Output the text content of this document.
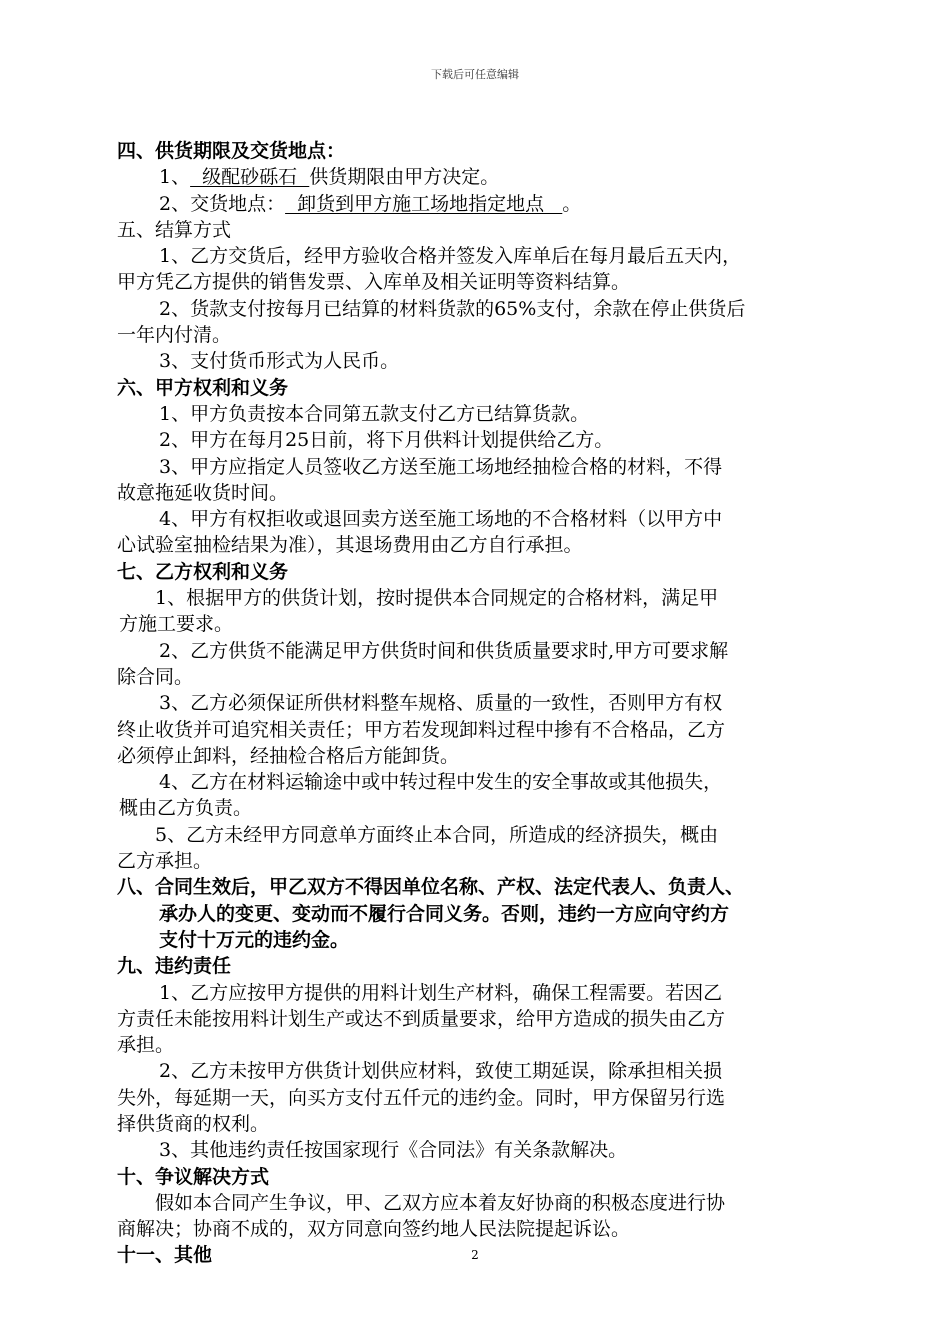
下载后可任意编辑
四、供货期限及交货地点：
1、  级配砂砾石  供货期限由甲方决定。
2、交货地点：  卸货到甲方施工场地指定地点   。
五、结算方式
1、乙方交货后，经甲方验收合格并签发入库单后在每月最后五天内，
甲方凭乙方提供的销售发票、入库单及相关证明等资料结算。
2、货款支付按每月已结算的材料货款的65%支付，余款在停止供货后
一年内付清。
3、支付货币形式为人民币。
六、甲方权利和义务
1、甲方负责按本合同第五款支付乙方已结算货款。
2、甲方在每月25日前，将下月供料计划提供给乙方。
3、甲方应指定人员签收乙方送至施工场地经抽检合格的材料，不得
故意拖延收货时间。
4、甲方有权拒收或退回卖方送至施工场地的不合格材料（以甲方中
心试验室抽检结果为准），其退场费用由乙方自行承担。
七、乙方权利和义务
1、根据甲方的供货计划，按时提供本合同规定的合格材料，满足甲
方施工要求。
2、乙方供货不能满足甲方供货时间和供货质量要求时,甲方可要求解
除合同。
3、乙方必须保证所供材料整车规格、质量的一致性，否则甲方有权
终止收货并可追究相关责任；甲方若发现卸料过程中掺有不合格品，乙方
必须停止卸料，经抽检合格后方能卸货。
4、乙方在材料运输途中或中转过程中发生的安全事故或其他损失，
概由乙方负责。
5、乙方未经甲方同意单方面终止本合同，所造成的经济损失，概由
乙方承担。
八、合同生效后，甲乙双方不得因单位名称、产权、法定代表人、负责人、
承办人的变更、变动而不履行合同义务。否则，违约一方应向守约方
支付十万元的违约金。
九、违约责任
1、乙方应按甲方提供的用料计划生产材料，确保工程需要。若因乙
方责任未能按用料计划生产或达不到质量要求，给甲方造成的损失由乙方
承担。
2、乙方未按甲方供货计划供应材料，致使工期延误，除承担相关损
失外，每延期一天，向买方支付五仟元的违约金。同时，甲方保留另行选
择供货商的权利。
3、其他违约责任按国家现行《合同法》有关条款解决。
十、争议解决方式
假如本合同产生争议，甲、乙双方应本着友好协商的积极态度进行协
商解决；协商不成的，双方同意向签约地人民法院提起诉讼。
十一、其他	2
